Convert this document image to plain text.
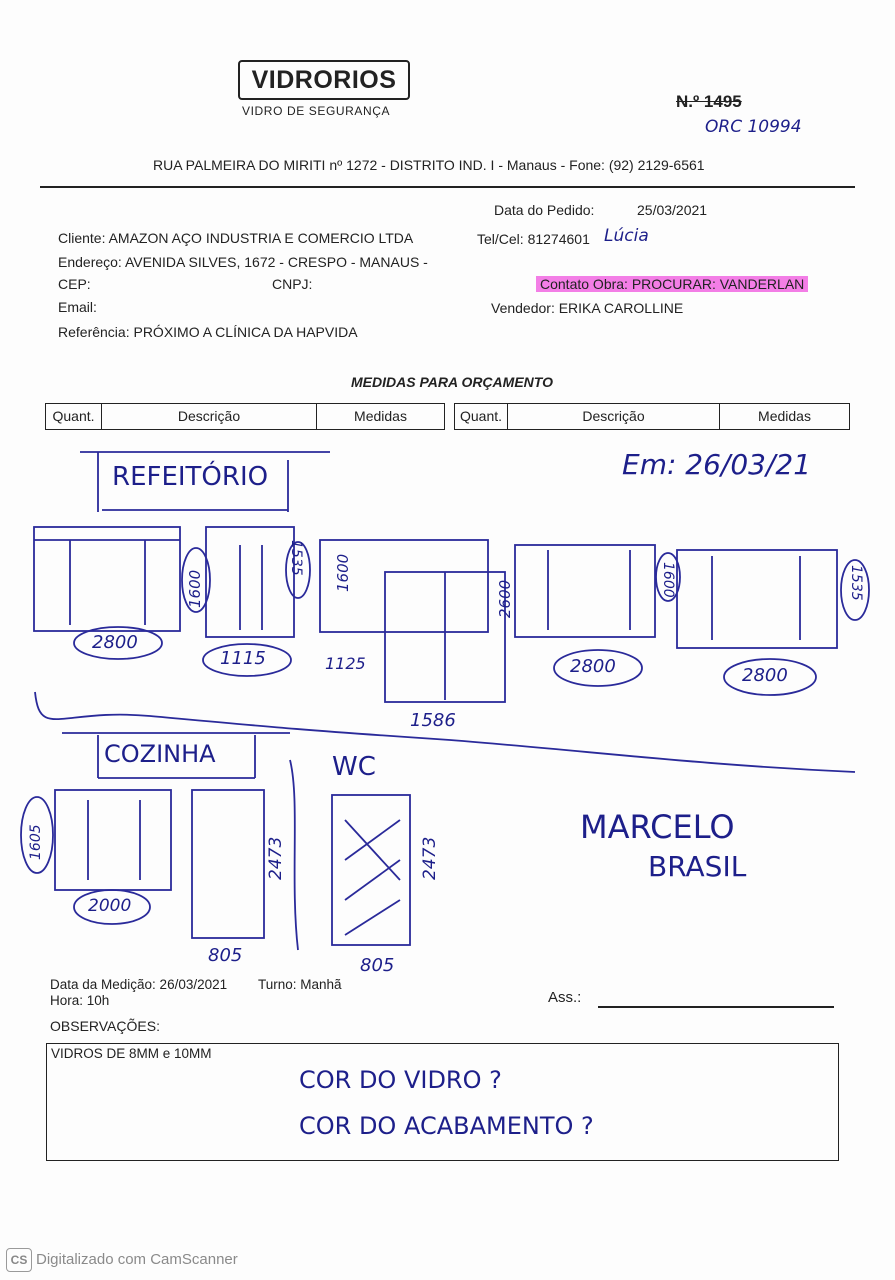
VIDRORIOS
VIDRO DE SEGURANÇA	N.º 1495
ORC 10994
RUA PALMEIRA DO MIRITI nº 1272 - DISTRITO IND. I - Manaus - Fone: (92) 2129-6561
Data do Pedido:	25/03/2021
Cliente: AMAZON AÇO INDUSTRIA E COMERCIO LTDA	Tel/Cel: 81274601 Lúcia
Endereço: AVENIDA SILVES, 1672 - CRESPO - MANAUS -
CEP:	CNPJ:	Contato Obra: PROCURAR: VANDERLAN
Email:	Vendedor: ERIKA CAROLLINE
Referência: PRÓXIMO A CLÍNICA DA HAPVIDA
MEDIDAS PARA ORÇAMENTO
Quant.	Descrição	Medidas	Quant.	Descrição	Medidas
Em: 26/03/21
REFEITÓRIO
COZINHA	WC
MARCELO
BRASIL
1600
1535 1600
2600	1600	1535
2800
1115	1125	2800	2800
1586
1605
2000
2473
805
2473
805
Data da Medição: 26/03/2021 Turno: Manhã
Hora: 10h	Ass.:
OBSERVAÇÕES:
VIDROS DE 8MM e 10MM
COR DO VIDRO ?
COR DO ACABAMENTO ?
CS Digitalizado com CamScanner
